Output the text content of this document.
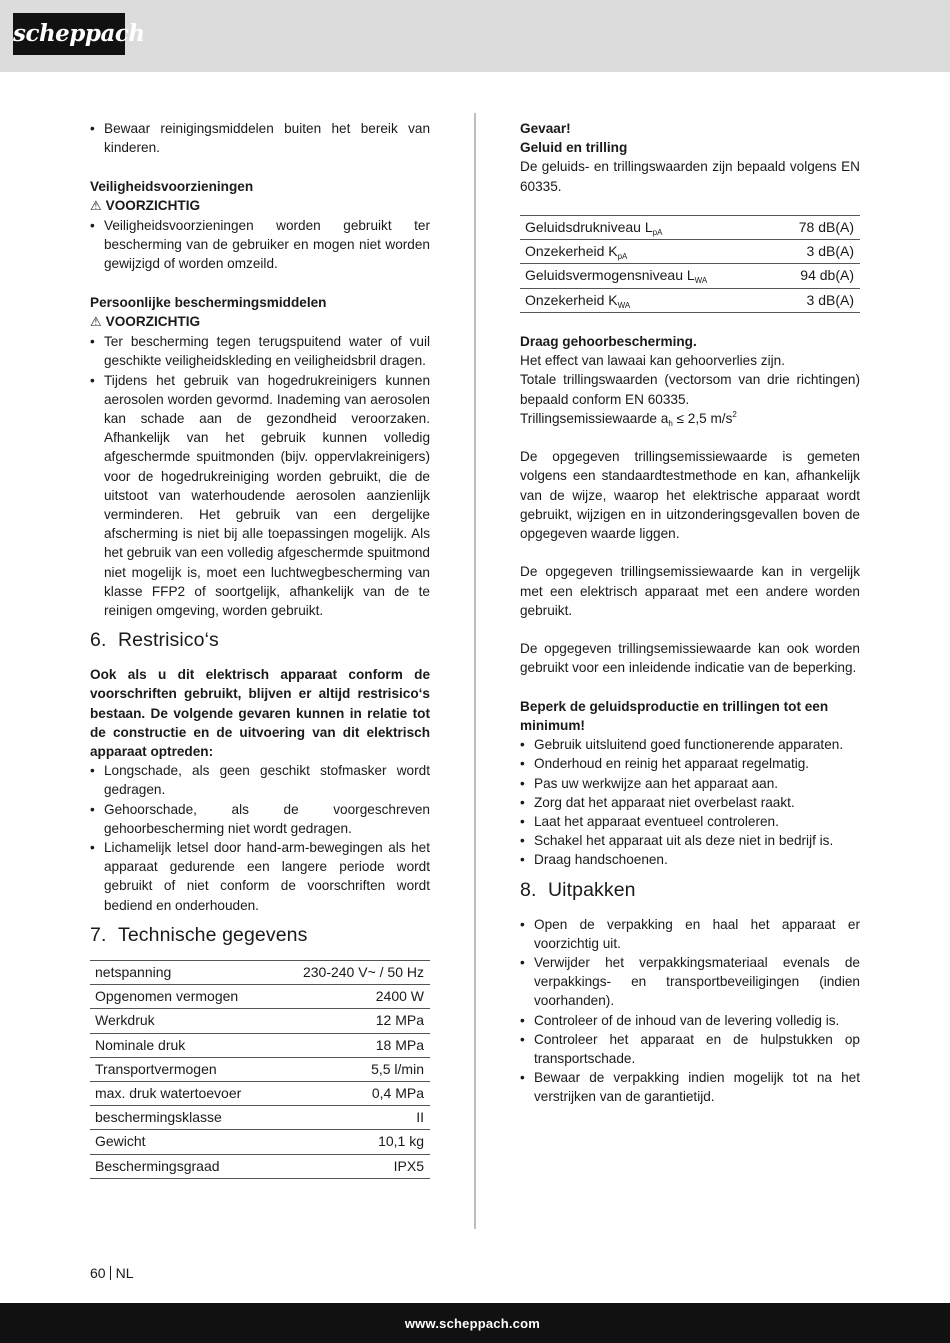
scheppach
• Bewaar reinigingsmiddelen buiten het bereik van kinderen.
Veiligheidsvoorzieningen
⚠ VOORZICHTIG
• Veiligheidsvoorzieningen worden gebruikt ter bescherming van de gebruiker en mogen niet worden gewijzigd of worden omzeild.
Persoonlijke beschermingsmiddelen
⚠ VOORZICHTIG
• Ter bescherming tegen terugspuitend water of vuil geschikte veiligheidskleding en veiligheidsbril dragen.
• Tijdens het gebruik van hogedrukreinigers kunnen aerosolen worden gevormd. Inademing van aerosolen kan schade aan de gezondheid veroorzaken. Afhankelijk van het gebruik kunnen volledig afgeschermde spuitmonden (bijv. oppervlakreinigers) voor de hogedrukreiniging worden gebruikt, die de uitstoot van waterhoudende aerosolen aanzienlijk verminderen. Het gebruik van een dergelijke afscherming is niet bij alle toepassingen mogelijk. Als het gebruik van een volledig afgeschermde spuitmond niet mogelijk is, moet een luchtwegbescherming van klasse FFP2 of soortgelijk, afhankelijk van de te reinigen omgeving, worden gebruikt.
6. Restrisico‘s

Ook als u dit elektrisch apparaat conform de voorschriften gebruikt, blijven er altijd restrisico‘s bestaan. De volgende gevaren kunnen in relatie tot de constructie en de uitvoering van dit elektrisch apparaat optreden:

• Longschade, als geen geschikt stofmasker wordt gedragen.
• Gehoorschade, als de voorgeschreven gehoorbescherming niet wordt gedragen.
• Lichamelijk letsel door hand-arm-bewegingen als het apparaat gedurende een langere periode wordt gebruikt of niet conform de voorschriften wordt bediend en onderhouden.
7. Technische gegevens
netspanning	230-240 V~ / 50 Hz
Opgenomen vermogen	2400 W
Werkdruk	12 MPa
Nominale druk	18 MPa
Transportvermogen	5,5 l/min
max. druk watertoevoer	0,4 MPa
beschermingsklasse	II
Gewicht	10,1 kg
Beschermingsgraad	IPX5
Gevaar!
Geluid en trilling

De geluids- en trillingswaarden zijn bepaald volgens EN 60335.

Geluidsdrukniveau $L_{pA}$	78 dB(A)
Onzekerheid $K_{pA}$	3 dB(A)
Geluidsvermogensniveau $L_{WA}$	94 db(A)
Onzekerheid $K_{WA}$	3 dB(A)
Draag gehoorbescherming.

Het effect van lawaai kan gehoorverlies zijn.

Totale trillingswaarden (vectorsom van drie richtingen) bepaald conform EN 60335.

Trillingsemissiewaarde $a_h \le 2,5$ $m/s^2$

De opgegeven trillingsemissiewaarde is gemeten volgens een standaardtestmethode en kan, afhankelijk van de wijze, waarop het elektrische apparaat wordt gebruikt, wijzigen en in uitzonderingsgevallen boven de opgegeven waarde liggen.

De opgegeven trillingsemissiewaarde kan in vergelijk met een elektrisch apparaat met een andere worden gebruikt.

De opgegeven trillingsemissiewaarde kan ook worden gebruikt voor een inleidende indicatie van de beperking.

Beperk de geluidsproductie en trillingen tot een minimum!
• Gebruik uitsluitend goed functionerende apparaten.
• Onderhoud en reinig het apparaat regelmatig.
• Pas uw werkwijze aan het apparaat aan.
• Zorg dat het apparaat niet overbelast raakt.
• Laat het apparaat eventueel controleren.
• Schakel het apparaat uit als deze niet in bedrijf is.
• Draag handschoenen.
8. Uitpakken
• Open de verpakking en haal het apparaat er voorzichtig uit.
• Verwijder het verpakkingsmateriaal evenals de verpakkings- en transportbeveiligingen (indien voorhanden).
• Controleer of de inhoud van de levering volledig is.
• Controleer het apparaat en de hulpstukken op transportschade.
• Bewaar de verpakking indien mogelijk tot na het verstrijken van de garantietijd.
60 NL
www.scheppach.com
